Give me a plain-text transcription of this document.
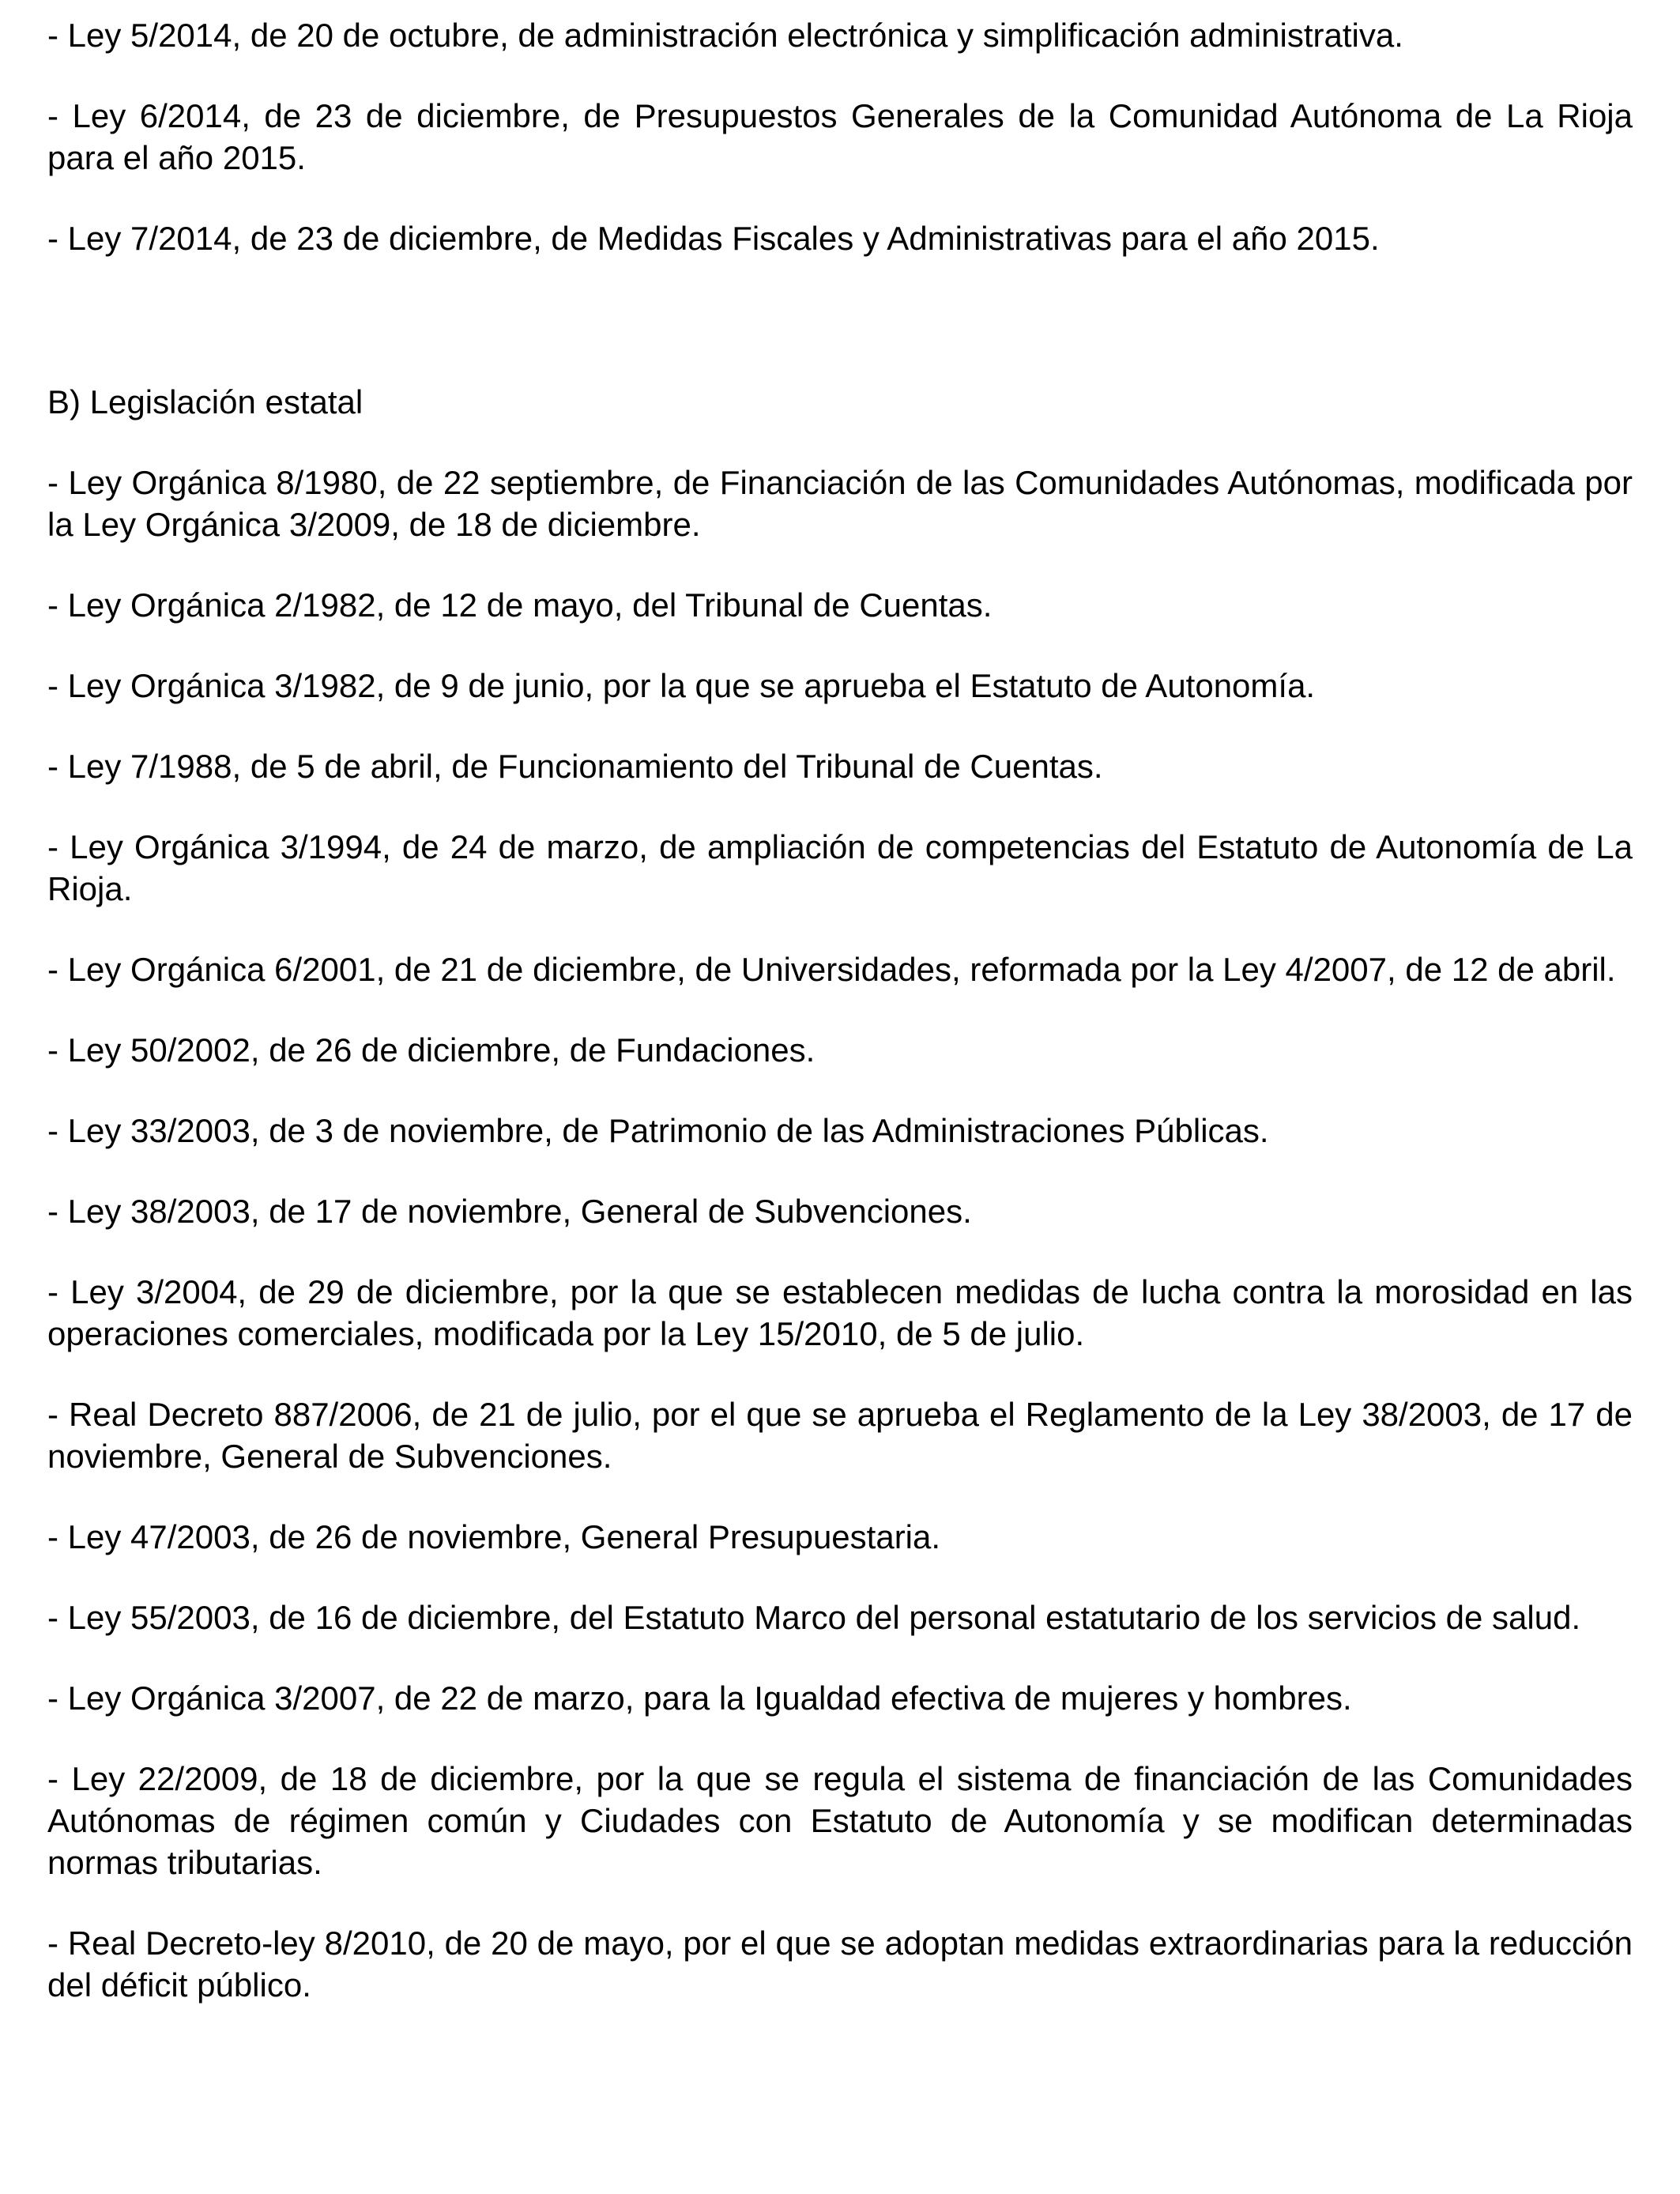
- Ley 5/2014, de 20 de octubre, de administración electrónica y simplificación administrativa.

- Ley 6/2014, de 23 de diciembre, de Presupuestos Generales de la Comunidad Autónoma de La Rioja para el año 2015.

- Ley 7/2014, de 23 de diciembre, de Medidas Fiscales y Administrativas para el año 2015.

B) Legislación estatal

- Ley Orgánica 8/1980, de 22 septiembre, de Financiación de las Comunidades Autónomas, modificada por la Ley Orgánica 3/2009, de 18 de diciembre.

- Ley Orgánica 2/1982, de 12 de mayo, del Tribunal de Cuentas.

- Ley Orgánica 3/1982, de 9 de junio, por la que se aprueba el Estatuto de Autonomía.

- Ley 7/1988, de 5 de abril, de Funcionamiento del Tribunal de Cuentas.

- Ley Orgánica 3/1994, de 24 de marzo, de ampliación de competencias del Estatuto de Autonomía de La Rioja.

- Ley Orgánica 6/2001, de 21 de diciembre, de Universidades, reformada por la Ley 4/2007, de 12 de abril.

- Ley 50/2002, de 26 de diciembre, de Fundaciones.

- Ley 33/2003, de 3 de noviembre, de Patrimonio de las Administraciones Públicas.

- Ley 38/2003, de 17 de noviembre, General de Subvenciones.

- Ley 3/2004, de 29 de diciembre, por la que se establecen medidas de lucha contra la morosidad en las operaciones comerciales, modificada por la Ley 15/2010, de 5 de julio.

- Real Decreto 887/2006, de 21 de julio, por el que se aprueba el Reglamento de la Ley 38/2003, de 17 de noviembre, General de Subvenciones.

- Ley 47/2003, de 26 de noviembre, General Presupuestaria.

- Ley 55/2003, de 16 de diciembre, del Estatuto Marco del personal estatutario de los servicios de salud.

- Ley Orgánica 3/2007, de 22 de marzo, para la Igualdad efectiva de mujeres y hombres.

- Ley 22/2009, de 18 de diciembre, por la que se regula el sistema de financiación de las Comunidades Autónomas de régimen común y Ciudades con Estatuto de Autonomía y se modifican determinadas normas tributarias.

- Real Decreto-ley 8/2010, de 20 de mayo, por el que se adoptan medidas extraordinarias para la reducción del déficit público.
